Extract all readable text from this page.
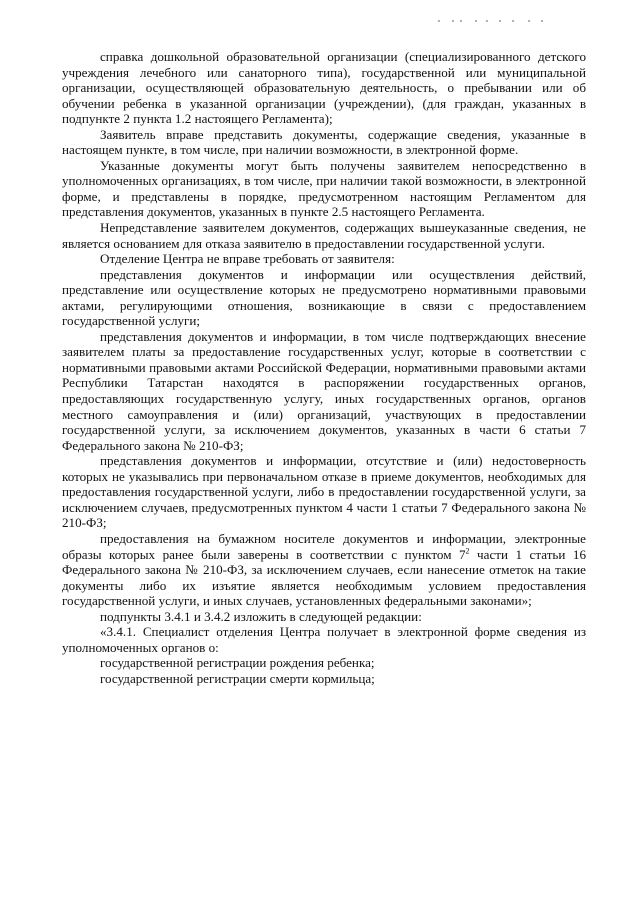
справка дошкольной образовательной организации (специализированного детского учреждения лечебного или санаторного типа), государственной или муниципальной организации, осуществляющей образовательную деятельность, о пребывании или об обучении ребенка в указанной организации (учреждении), (для граждан, указанных в подпункте 2 пункта 1.2 настоящего Регламента);

Заявитель вправе представить документы, содержащие сведения, указанные в настоящем пункте, в том числе, при наличии возможности, в электронной форме.

Указанные документы могут быть получены заявителем непосредственно в уполномоченных организациях, в том числе, при наличии такой возможности, в электронной форме, и представлены в порядке, предусмотренном настоящим Регламентом для представления документов, указанных в пункте 2.5 настоящего Регламента.

Непредставление заявителем документов, содержащих вышеуказанные сведения, не является основанием для отказа заявителю в предоставлении государственной услуги.

Отделение Центра не вправе требовать от заявителя:

представления документов и информации или осуществления действий, представление или осуществление которых не предусмотрено нормативными правовыми актами, регулирующими отношения, возникающие в связи с предоставлением государственной услуги;

представления документов и информации, в том числе подтверждающих внесение заявителем платы за предоставление государственных услуг, которые в соответствии с нормативными правовыми актами Российской Федерации, нормативными правовыми актами Республики Татарстан находятся в распоряжении государственных органов, предоставляющих государственную услугу, иных государственных органов, органов местного самоуправления и (или) организаций, участвующих в предоставлении государственной услуги, за исключением документов, указанных в части 6 статьи 7 Федерального закона № 210-ФЗ;

представления документов и информации, отсутствие и (или) недостоверность которых не указывались при первоначальном отказе в приеме документов, необходимых для предоставления государственной услуги, либо в предоставлении государственной услуги, за исключением случаев, предусмотренных пунктом 4 части 1 статьи 7 Федерального закона № 210-ФЗ;

предоставления на бумажном носителе документов и информации, электронные образы которых ранее были заверены в соответствии с пунктом $7^2$ части 1 статьи 16 Федерального закона № 210-ФЗ, за исключением случаев, если нанесение отметок на такие документы либо их изъятие является необходимым условием предоставления государственной услуги, и иных случаев, установленных федеральными законами»;

подпункты 3.4.1 и 3.4.2 изложить в следующей редакции:

«3.4.1. Специалист отделения Центра получает в электронной форме сведения из уполномоченных органов о:

государственной регистрации рождения ребенка;

государственной регистрации смерти кормильца;
